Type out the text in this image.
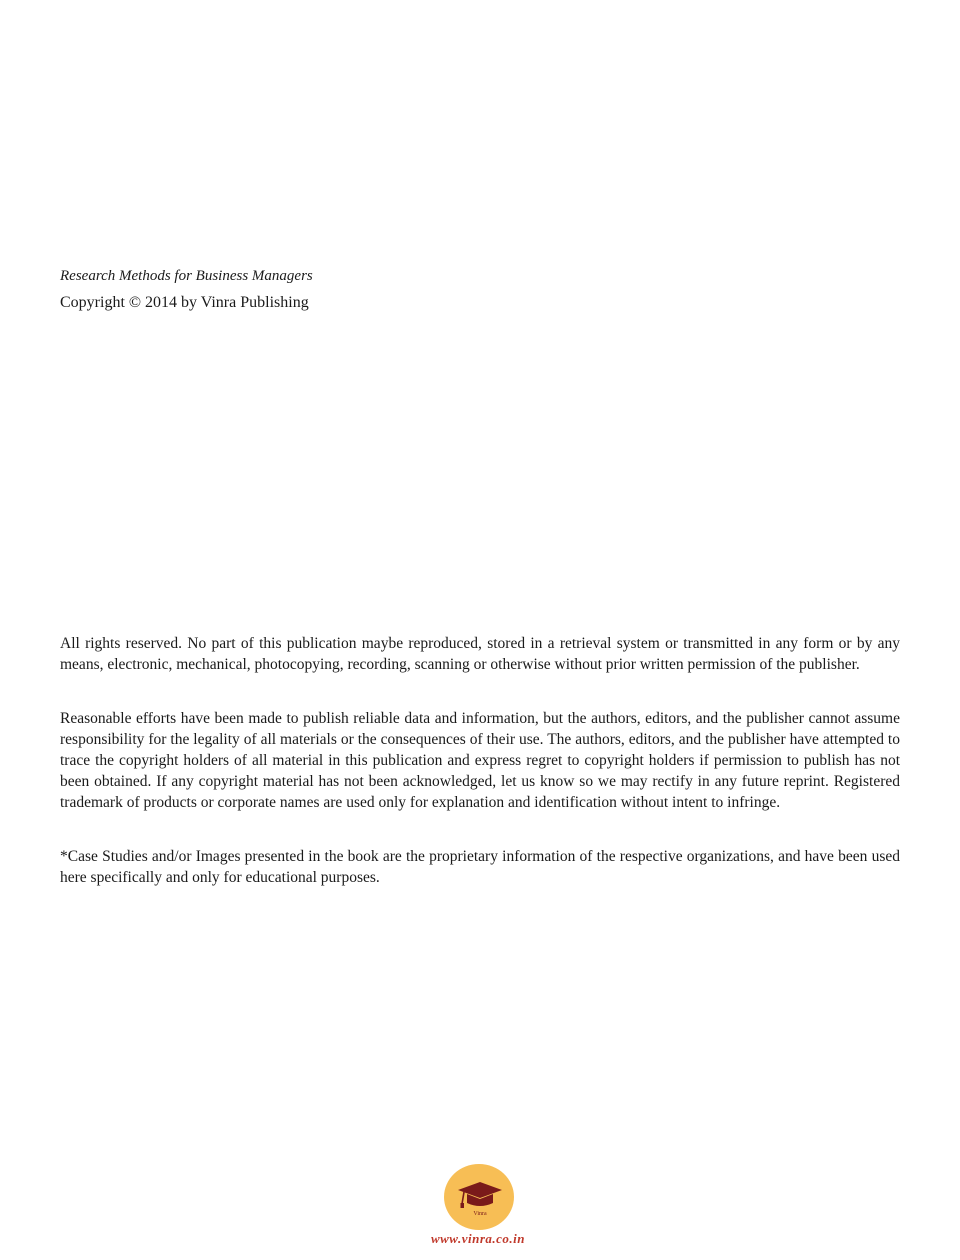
Research Methods for Business Managers

Copyright © 2014 by Vinra Publishing

All rights reserved. No part of this publication maybe reproduced, stored in a retrieval system or transmitted in any form or by any means, electronic, mechanical, photocopying, recording, scanning or otherwise without prior written permission of the publisher.

Reasonable efforts have been made to publish reliable data and information, but the authors, editors, and the publisher cannot assume responsibility for the legality of all materials or the consequences of their use. The authors, editors, and the publisher have attempted to trace the copyright holders of all material in this publication and express regret to copyright holders if permission to publish has not been obtained. If any copyright material has not been acknowledged, let us know so we may rectify in any future reprint. Registered trademark of products or corporate names are used only for explanation and identification without intent to infringe.

*Case Studies and/or Images presented in the book are the proprietary information of the respective organizations, and have been used here specifically and only for educational purposes.

Vinra

www.vinra.co.in
